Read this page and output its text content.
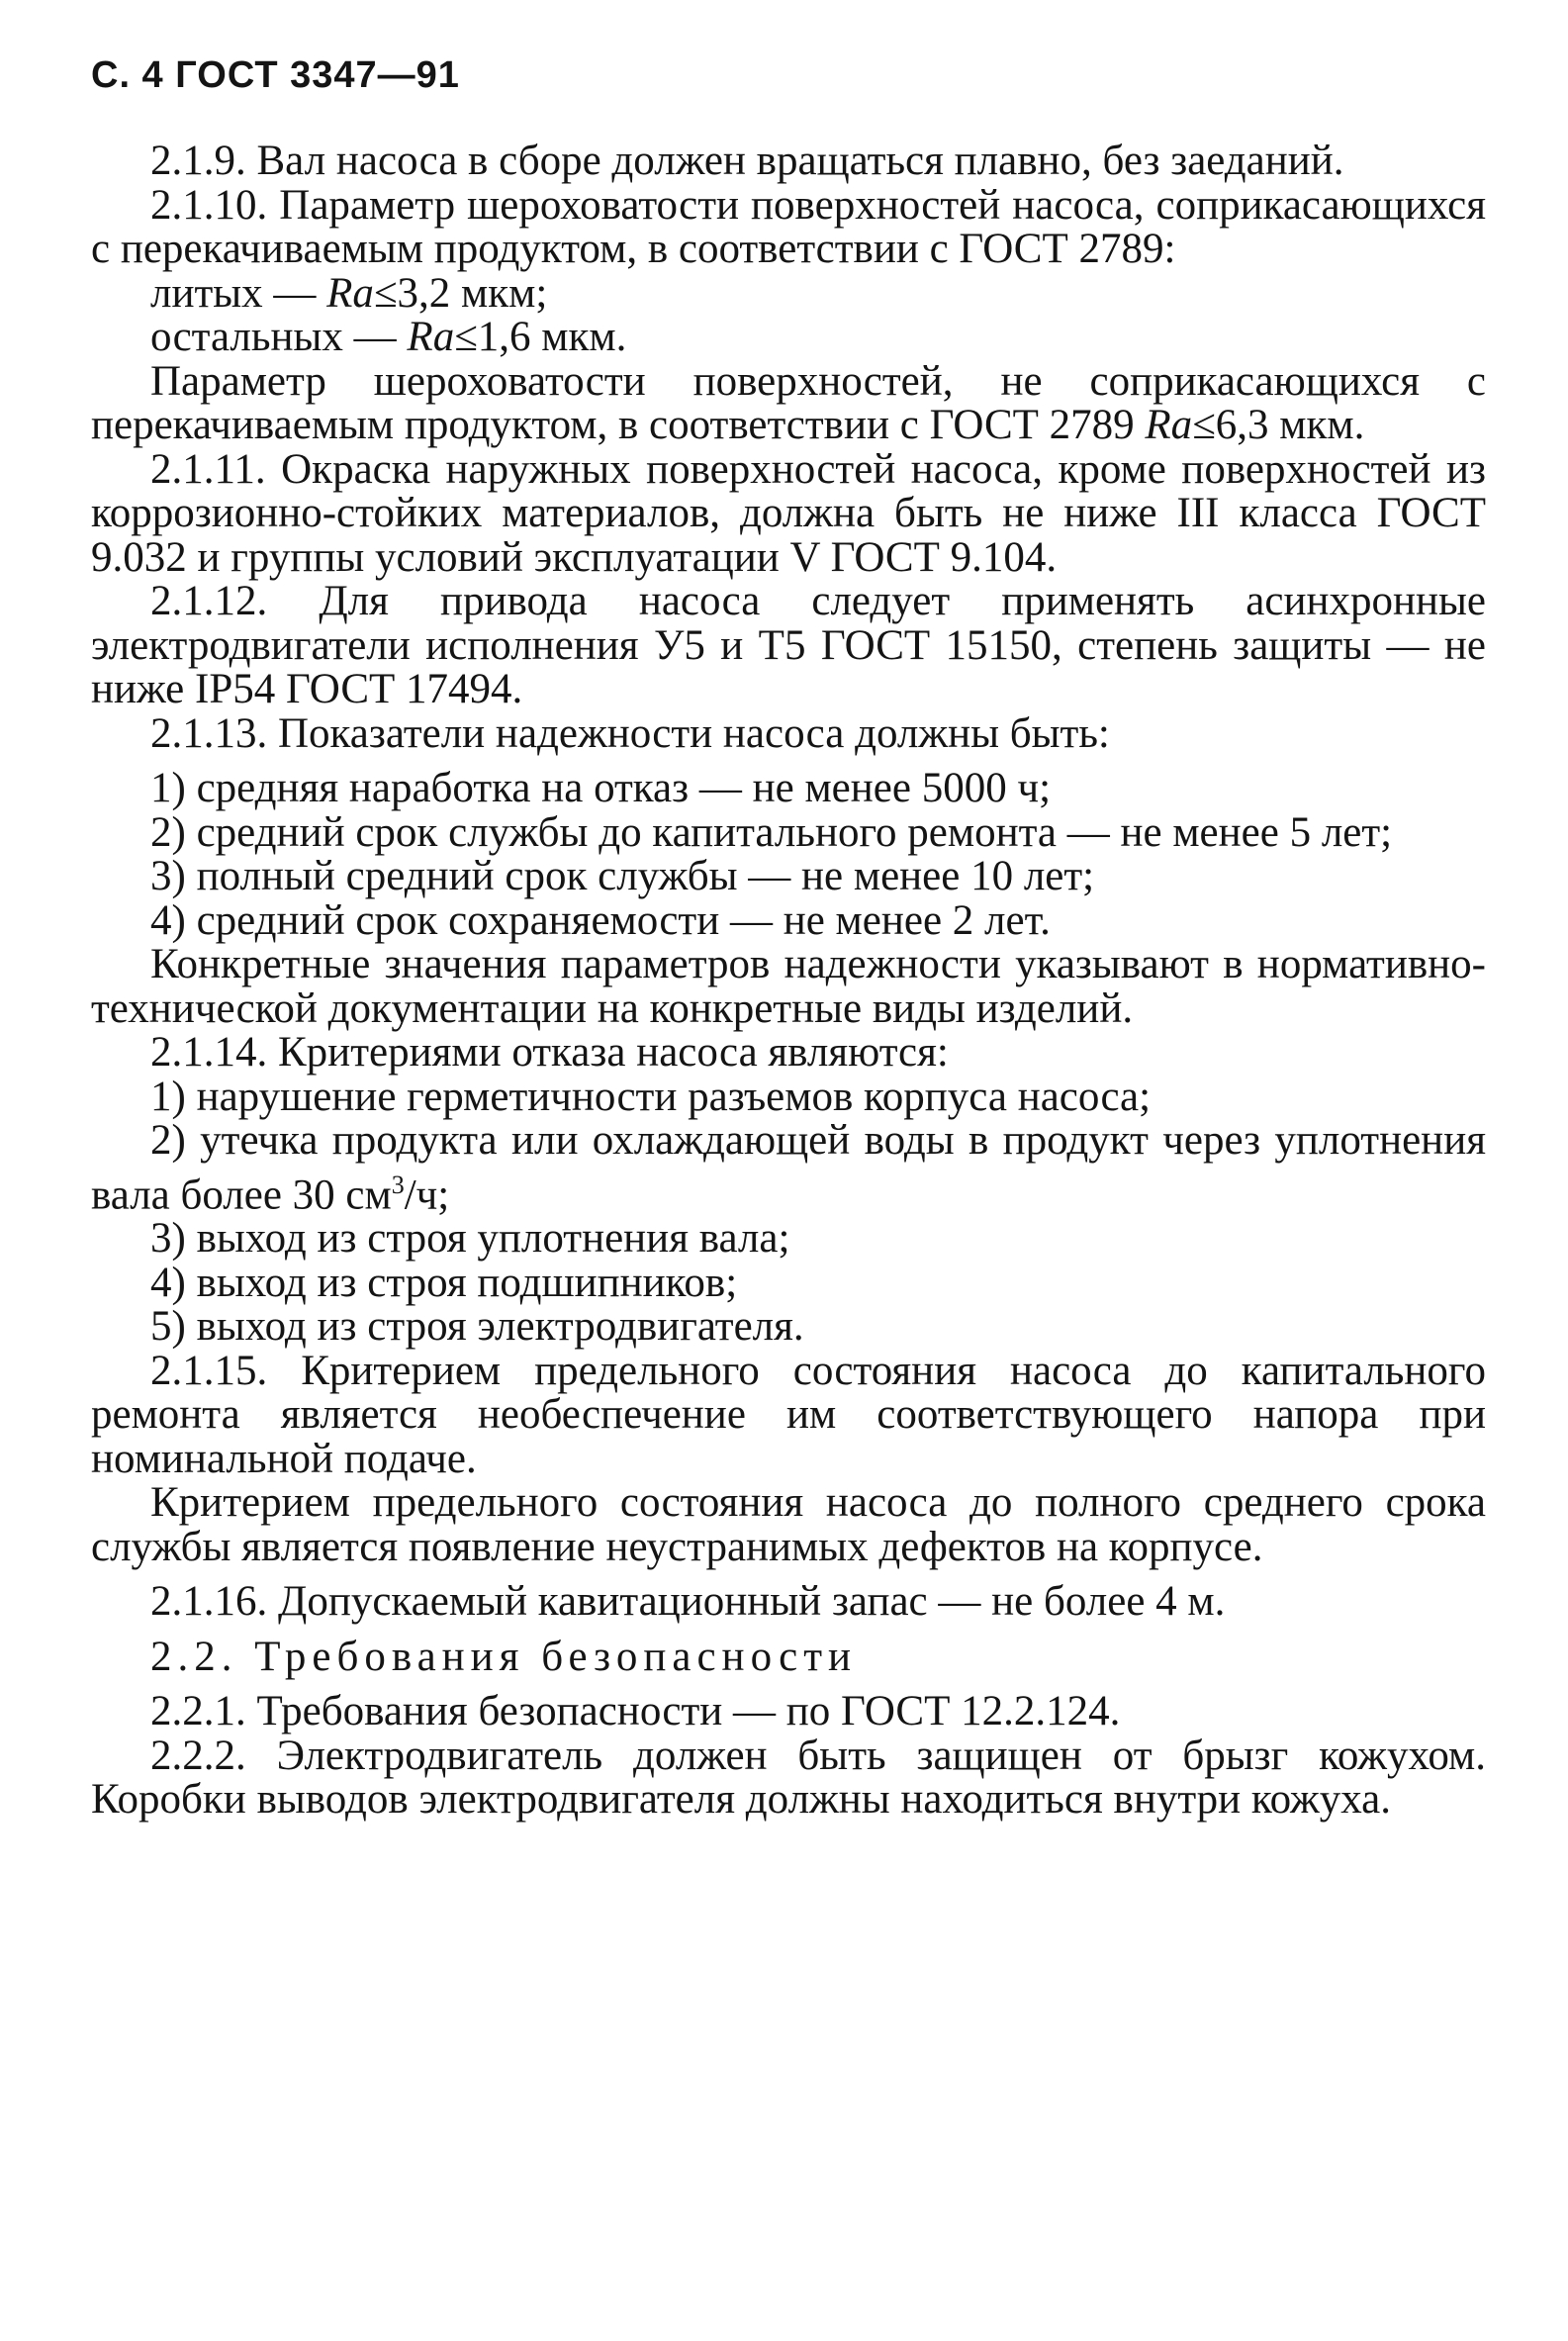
С. 4 ГОСТ 3347—91

2.1.9. Вал насоса в сборе должен вращаться плавно, без заеданий.

2.1.10. Параметр шероховатости поверхностей насоса, соприкасающихся с перекачиваемым продуктом, в соответствии с ГОСТ 2789:

литых — Ra≤3,2 мкм;

остальных — Ra≤1,6 мкм.

Параметр шероховатости поверхностей, не соприкасающихся с перекачиваемым продуктом, в соответствии с ГОСТ 2789 Ra≤6,3 мкм.

2.1.11. Окраска наружных поверхностей насоса, кроме поверхностей из коррозионно-стойких материалов, должна быть не ниже III класса ГОСТ 9.032 и группы условий эксплуатации V ГОСТ 9.104.

2.1.12. Для привода насоса следует применять асинхронные электродвигатели исполнения У5 и Т5 ГОСТ 15150, степень защиты — не ниже IP54 ГОСТ 17494.

2.1.13. Показатели надежности насоса должны быть:

1) средняя наработка на отказ — не менее 5000 ч;

2) средний срок службы до капитального ремонта — не менее 5 лет;

3) полный средний срок службы — не менее 10 лет;

4) средний срок сохраняемости — не менее 2 лет.

Конкретные значения параметров надежности указывают в нормативно-технической документации на конкретные виды изделий.

2.1.14. Критериями отказа насоса являются:

1) нарушение герметичности разъемов корпуса насоса;

2) утечка продукта или охлаждающей воды в продукт через уплотнения вала более 30 $см^3/ч$;

3) выход из строя уплотнения вала;

4) выход из строя подшипников;

5) выход из строя электродвигателя.

2.1.15. Критерием предельного состояния насоса до капитального ремонта является необеспечение им соответствующего напора при номинальной подаче.

Критерием предельного состояния насоса до полного среднего срока службы является появление неустранимых дефектов на корпусе.

2.1.16. Допускаемый кавитационный запас — не более 4 м.

2.2. Требования безопасности

2.2.1. Требования безопасности — по ГОСТ 12.2.124.

2.2.2. Электродвигатель должен быть защищен от брызг кожухом. Коробки выводов электродвигателя должны находиться внутри кожуха.
